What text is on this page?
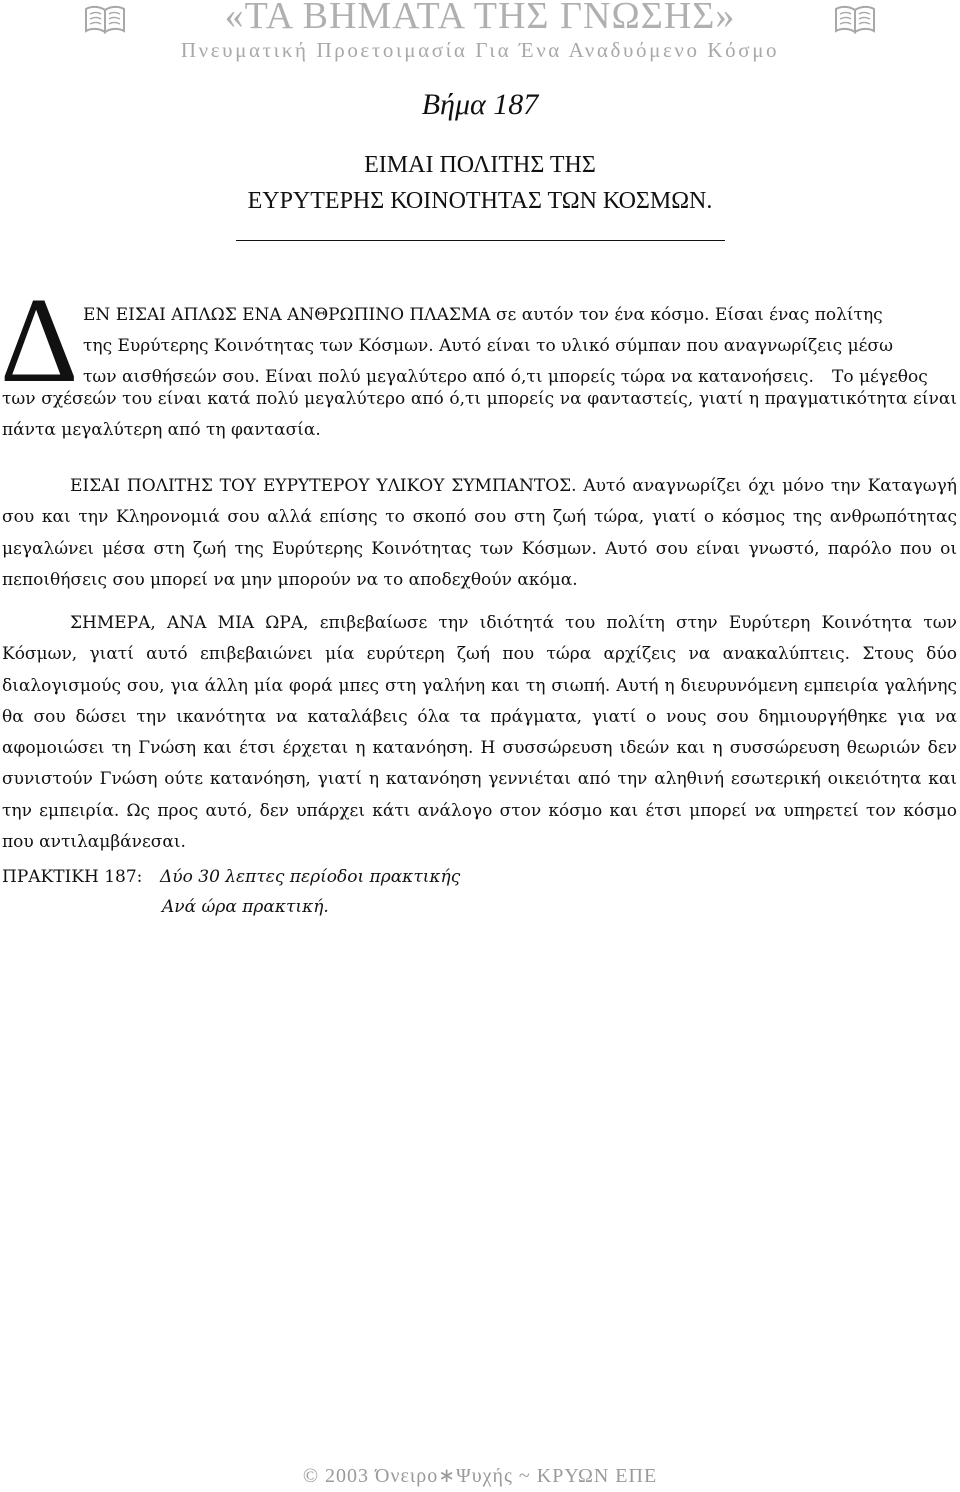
«ΤΑ ΒΗΜΑΤΑ ΤΗΣ ΓΝΩΣΗΣ»
Πνευματική Προετοιμασία Για Ένα Αναδυόμενο Κόσμο
Βήμα 187
ΕΙΜΑΙ ΠΟΛΙΤΗΣ ΤΗΣ
ΕΥΡΥΤΕΡΗΣ ΚΟΙΝΟΤΗΤΑΣ ΤΩΝ ΚΟΣΜΩΝ.
Δ ΕΝ ΕΙΣΑΙ ΑΠΛΩΣ ΕΝΑ ΑΝΘΡΩΠΙΝΟ ΠΛΑΣΜΑ σε αυτόν τον ένα κόσμο. Είσαι ένας πολίτης
της Ευρύτερης Κοινότητας των Κόσμων. Αυτό είναι το υλικό σύμπαν που αναγνωρίζεις μέσω
των αισθήσεών σου. Είναι πολύ μεγαλύτερο από ό,τι μπορείς τώρα να κατανοήσεις. Το μέγεθος

των σχέσεών του είναι κατά πολύ μεγαλύτερο από ό,τι μπορείς να φανταστείς, γιατί η πραγματικότητα είναι πάντα μεγαλύτερη από τη φαντασία.

ΕΙΣΑΙ ΠΟΛΙΤΗΣ ΤΟΥ ΕΥΡΥΤΕΡΟΥ ΥΛΙΚΟΥ ΣΥΜΠΑΝΤΟΣ. Αυτό αναγνωρίζει όχι μόνο την Καταγωγή σου και την Κληρονομιά σου αλλά επίσης το σκοπό σου στη ζωή τώρα, γιατί ο κόσμος της ανθρωπότητας μεγαλώνει μέσα στη ζωή της Ευρύτερης Κοινότητας των Κόσμων. Αυτό σου είναι γνωστό, παρόλο που οι πεποιθήσεις σου μπορεί να μην μπορούν να το αποδεχθούν ακόμα.

ΣΗΜΕΡΑ, ΑΝΑ ΜΙΑ ΩΡΑ, επιβεβαίωσε την ιδιότητά του πολίτη στην Ευρύτερη Κοινότητα των Κόσμων, γιατί αυτό επιβεβαιώνει μία ευρύτερη ζωή που τώρα αρχίζεις να ανακαλύπτεις. Στους δύο διαλογισμούς σου, για άλλη μία φορά μπες στη γαλήνη και τη σιωπή. Αυτή η διευρυνόμενη εμπειρία γαλήνης θα σου δώσει την ικανότητα να καταλάβεις όλα τα πράγματα, γιατί ο νους σου δημιουργήθηκε για να αφομοιώσει τη Γνώση και έτσι έρχεται η κατανόηση. Η συσσώρευση ιδεών και η συσσώρευση θεωριών δεν συνιστούν Γνώση ούτε κατανόηση, γιατί η κατανόηση γεννιέται από την αληθινή εσωτερική οικειότητα και την εμπειρία. Ως προς αυτό, δεν υπάρχει κάτι ανάλογο στον κόσμο και έτσι μπορεί να υπηρετεί τον κόσμο που αντιλαμβάνεσαι.

ΠΡΑΚΤΙΚΗ 187: Δύο 30 λεπτες περίοδοι πρακτικής
Ανά ώρα πρακτική.
© 2003 Όνειρο∗Ψυχής ~ ΚΡΥΩΝ ΕΠΕ
